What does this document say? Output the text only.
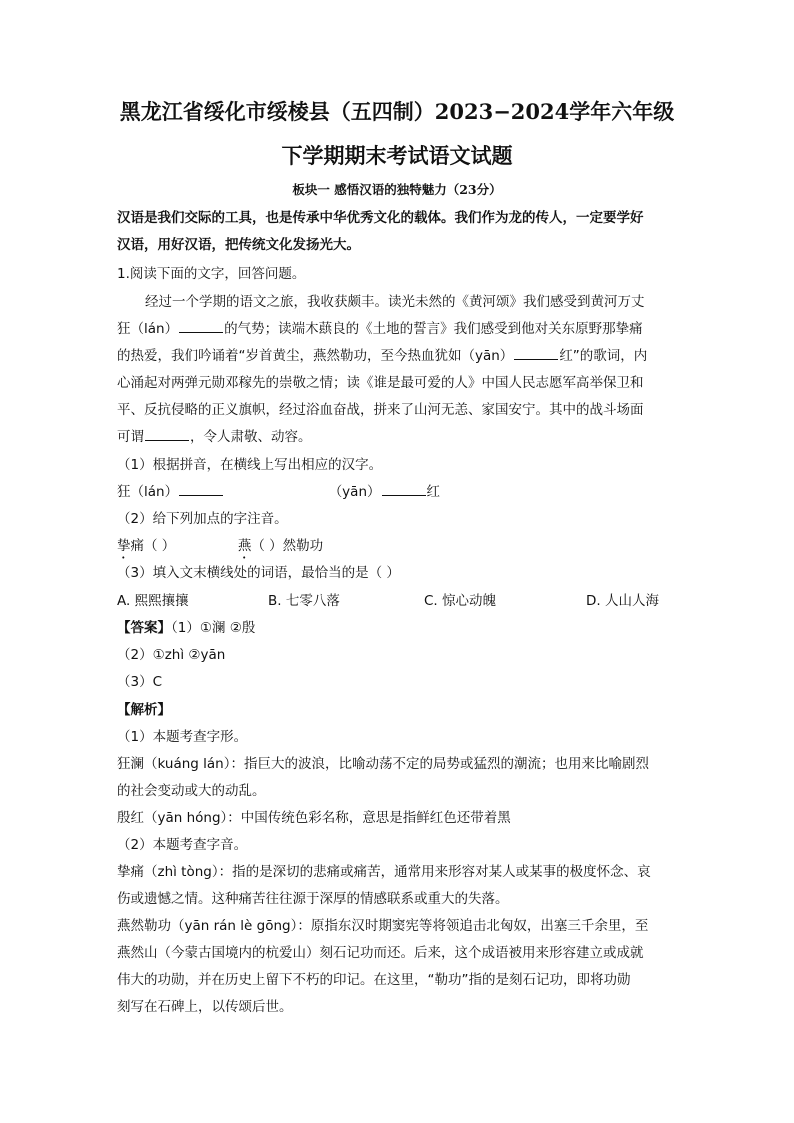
黑龙江省绥化市绥棱县（五四制）2023−2024学年六年级
下学期期末考试语文试题
板块一 感悟汉语的独特魅力（23分）
汉语是我们交际的工具，也是传承中华优秀文化的载体。我们作为龙的传人，一定要学好
汉语，用好汉语，把传统文化发扬光大。
1.阅读下面的文字，回答问题。
经过一个学期的语文之旅，我收获颇丰。读光未然的《黄河颂》我们感受到黄河万丈
狂（lán）	的气势；读端木蕻良的《土地的誓言》我们感受到他对关东原野那挚痛
的热爱，我们吟诵着“岁首黄尘，燕然勒功，至今热血犹如（yān）	红”的歌词，内
心涌起对两弹元勋邓稼先的崇敬之情；读《谁是最可爱的人》中国人民志愿军高举保卫和
平、反抗侵略的正义旗帜，经过浴血奋战，拼来了山河无恙、家国安宁。其中的战斗场面
可谓	，令人肃敬、动容。
（1）根据拼音，在横线上写出相应的汉字。
狂（lán）	（yān）	红
（2）给下列加点的字注音。
挚痛（ ）	燕（ ）然勒功
（3）填入文末横线处的词语，最恰当的是（ ）
A. 熙熙攘攘	B. 七零八落	C. 惊心动魄	D. 人山人海
【答案】（1）①澜 ②殷
（2）①zhì ②yān
（3）C
【解析】
（1）本题考查字形。
狂澜（kuáng lán）：指巨大的波浪，比喻动荡不定的局势或猛烈的潮流；也用来比喻剧烈
的社会变动或大的动乱。
殷红（yān hóng）：中国传统色彩名称，意思是指鲜红色还带着黑
（2）本题考查字音。
挚痛（zhì tòng）：指的是深切的悲痛或痛苦，通常用来形容对某人或某事的极度怀念、哀
伤或遗憾之情。这种痛苦往往源于深厚的情感联系或重大的失落。
燕然勒功（yān rán lè gōng）：原指东汉时期窦宪等将领追击北匈奴，出塞三千余里，至
燕然山（今蒙古国境内的杭爱山）刻石记功而还。后来，这个成语被用来形容建立或成就
伟大的功勋，并在历史上留下不朽的印记。在这里，“勒功”指的是刻石记功，即将功勋
刻写在石碑上，以传颂后世。
